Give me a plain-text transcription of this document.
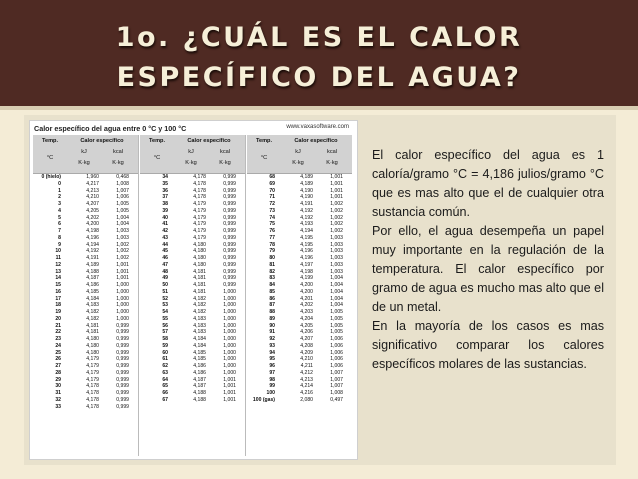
1o. ¿CUÁL ES EL CALOR
ESPECÍFICO DEL AGUA?
Calor específico del agua entre 0 °C y 100 °C	www.vaxasoftware.com
Temp.
°C
Calor específico
kJ	kcal
K·kg	K·kg
0 (hielo)	1,960	0,468
0	4,217	1,008
1	4,213	1,007
2	4,210	1,006
3	4,207	1,005
4	4,205	1,005
5	4,202	1,004
6	4,200	1,004
7	4,198	1,003
8	4,196	1,003
9	4,194	1,002
10	4,192	1,002
11	4,191	1,002
12	4,189	1,001
13	4,188	1,001
14	4,187	1,001
15	4,186	1,000
16	4,185	1,000
17	4,184	1,000
18	4,183	1,000
19	4,182	1,000
20	4,182	1,000
21	4,181	0,999
22	4,181	0,999
23	4,180	0,999
24	4,180	0,999
25	4,180	0,999
26	4,179	0,999
27	4,179	0,999
28	4,179	0,999
29	4,179	0,999
30	4,178	0,999
31	4,178	0,999
32	4,178	0,999
33	4,178	0,999
Temp.
°C
Calor específico
kJ	kcal
K·kg	K·kg
34	4,178	0,999
35	4,178	0,999
36	4,178	0,999
37	4,178	0,999
38	4,179	0,999
39	4,179	0,999
40	4,179	0,999
41	4,179	0,999
42	4,179	0,999
43	4,179	0,999
44	4,180	0,999
45	4,180	0,999
46	4,180	0,999
47	4,180	0,999
48	4,181	0,999
49	4,181	0,999
50	4,181	0,999
51	4,181	1,000
52	4,182	1,000
53	4,182	1,000
54	4,182	1,000
55	4,183	1,000
56	4,183	1,000
57	4,183	1,000
58	4,184	1,000
59	4,184	1,000
60	4,185	1,000
61	4,185	1,000
62	4,186	1,000
63	4,186	1,000
64	4,187	1,001
65	4,187	1,001
66	4,188	1,001
67	4,188	1,001
Temp.
°C
Calor específico
kJ	kcal
K·kg	K·kg
68	4,189	1,001
69	4,189	1,001
70	4,190	1,001
71	4,190	1,001
72	4,191	1,002
73	4,192	1,002
74	4,192	1,002
75	4,193	1,002
76	4,194	1,002
77	4,195	1,003
78	4,195	1,003
79	4,196	1,003
80	4,196	1,003
81	4,197	1,003
82	4,198	1,003
83	4,199	1,004
84	4,200	1,004
85	4,200	1,004
86	4,201	1,004
87	4,202	1,004
88	4,203	1,005
89	4,204	1,005
90	4,205	1,005
91	4,206	1,005
92	4,207	1,006
93	4,208	1,006
94	4,209	1,006
95	4,210	1,006
96	4,211	1,006
97	4,212	1,007
98	4,213	1,007
99	4,214	1,007
100	4,216	1,008
100 (gas)	2,080	0,497

El calor específico del agua es 1 caloría/gramo °C = 4,186 julios/gramo °C que es mas alto que el de cualquier otra sustancia común.

Por ello, el agua desempeña un papel muy importante en la regulación de la temperatura. El calor específico por gramo de agua es mucho mas alto que el de un metal.

En la mayoría de los casos es mas significativo comparar los calores específicos molares de las sustancias.
